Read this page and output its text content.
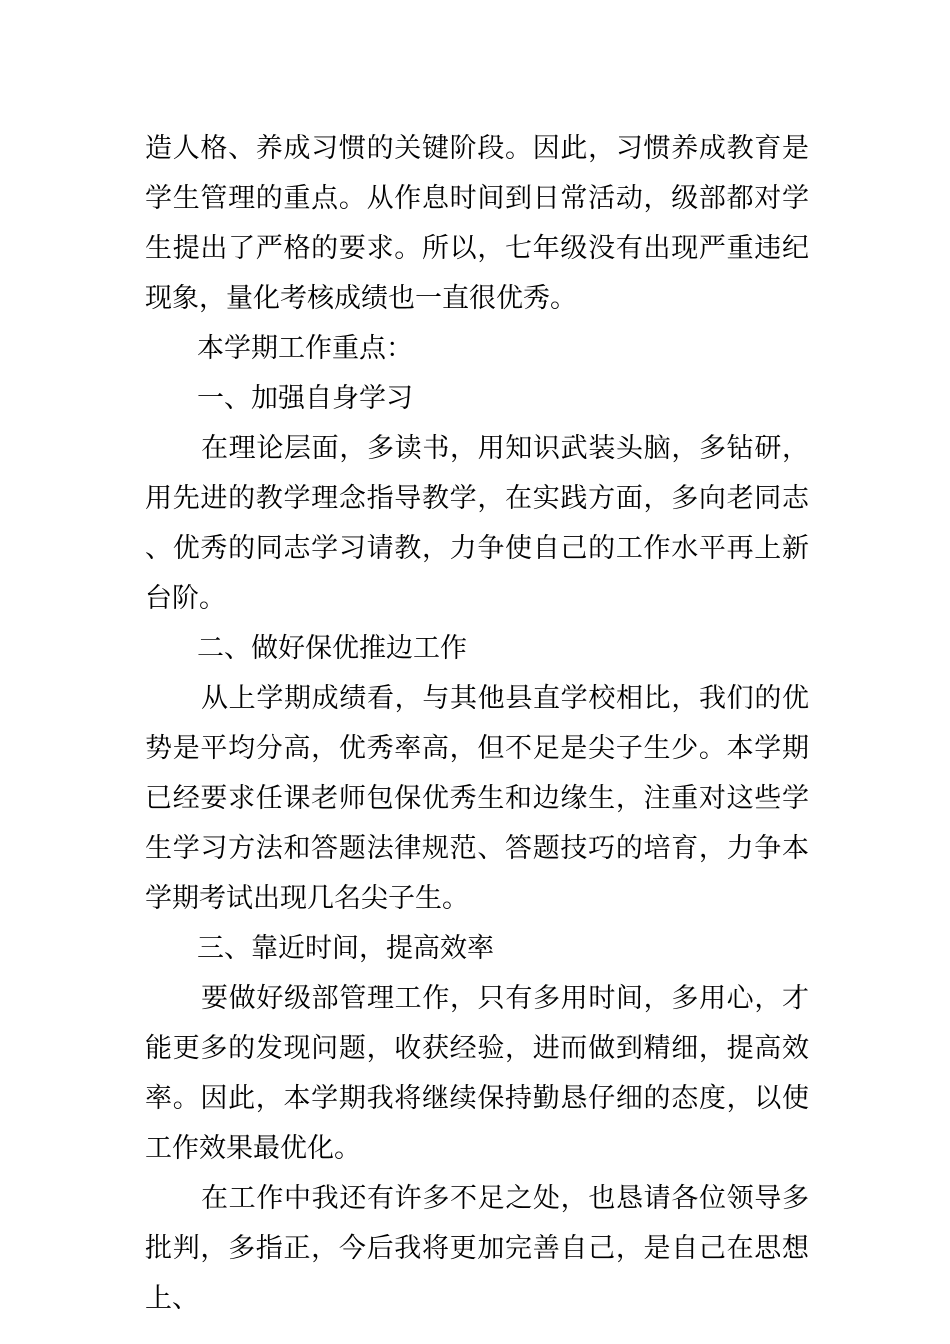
造人格、养成习惯的关键阶段。因此，习惯养成教育是学生管理的重点。从作息时间到日常活动，级部都对学生提出了严格的要求。所以，七年级没有出现严重违纪现象，量化考核成绩也一直很优秀。

本学期工作重点：

一、加强自身学习

在理论层面，多读书，用知识武装头脑，多钻研，用先进的教学理念指导教学，在实践方面，多向老同志、优秀的同志学习请教，力争使自己的工作水平再上新台阶。

二、做好保优推边工作

从上学期成绩看，与其他县直学校相比，我们的优势是平均分高，优秀率高，但不足是尖子生少。本学期已经要求任课老师包保优秀生和边缘生，注重对这些学生学习方法和答题法律规范、答题技巧的培育，力争本学期考试出现几名尖子生。

三、靠近时间，提高效率

要做好级部管理工作，只有多用时间，多用心，才能更多的发现问题，收获经验，进而做到精细，提高效率。因此，本学期我将继续保持勤恳仔细的态度，以使工作效果最优化。

在工作中我还有许多不足之处，也恳请各位领导多批判，多指正，今后我将更加完善自己，是自己在思想上、
